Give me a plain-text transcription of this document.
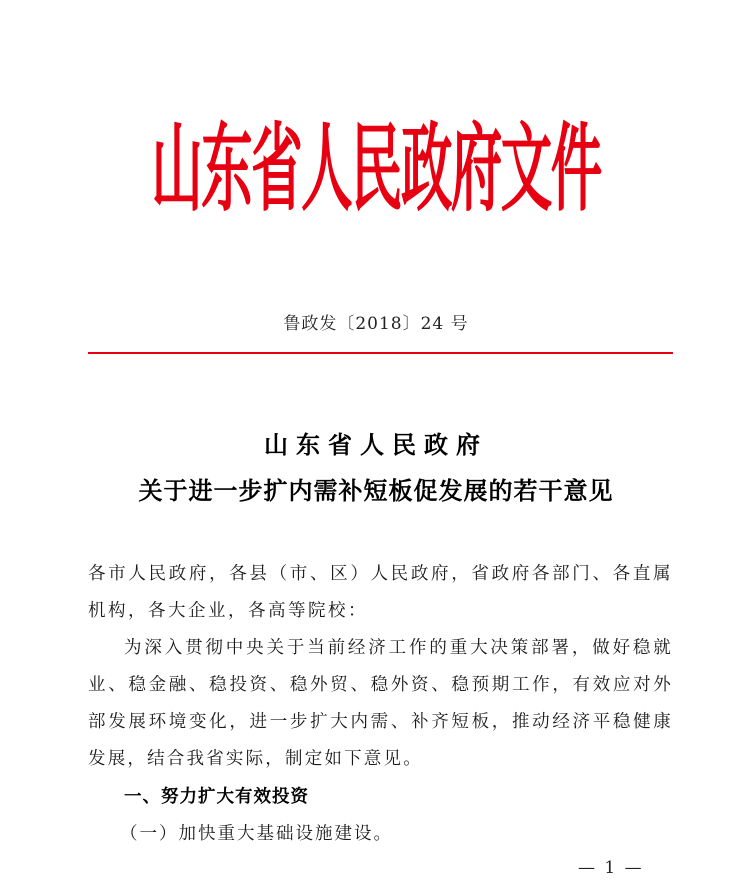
山东省人民政府文件
鲁政发〔2018〕24 号
山东省人民政府
关于进一步扩内需补短板促发展的若干意见
各市人民政府，各县（市、区）人民政府，省政府各部门、各直属机构，各大企业，各高等院校：
为深入贯彻中央关于当前经济工作的重大决策部署，做好稳就业、稳金融、稳投资、稳外贸、稳外资、稳预期工作，有效应对外部发展环境变化，进一步扩大内需、补齐短板，推动经济平稳健康发展，结合我省实际，制定如下意见。
一、努力扩大有效投资
（一）加快重大基础设施建设。
— 1 —
